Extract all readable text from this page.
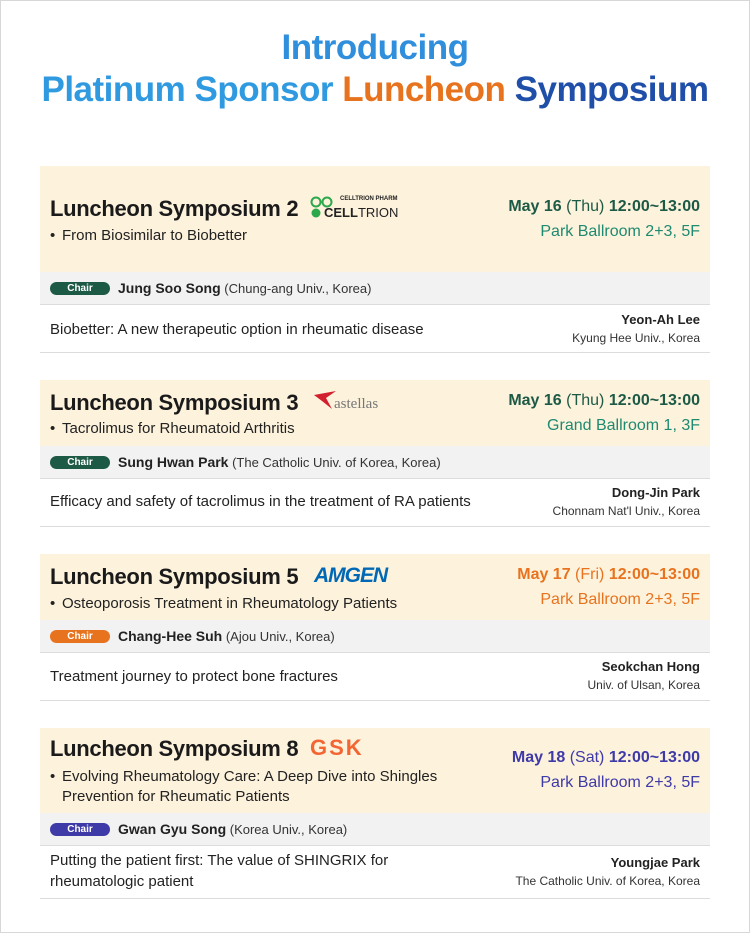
Introducing
Platinum Sponsor Luncheon Symposium
Luncheon Symposium 2	CELLTRION PHARM
CELLTRION
• From Biosimilar to Biobetter
May 16 (Thu) 12:00~13:00
Park Ballroom 2+3, 5F
Chair	Jung Soo Song (Chung-ang Univ., Korea)
Biobetter: A new therapeutic option in rheumatic disease
Yeon-Ah Lee
Kyung Hee Univ., Korea
Luncheon Symposium 3 astellas
• Tacrolimus for Rheumatoid Arthritis
May 16 (Thu) 12:00~13:00
Grand Ballroom 1, 3F
Chair	Sung Hwan Park (The Catholic Univ. of Korea, Korea)
Efficacy and safety of tacrolimus in the treatment of RA patients
Dong-Jin Park
Chonnam Nat'l Univ., Korea
Luncheon Symposium 5 AMGEN
• Osteoporosis Treatment in Rheumatology Patients
May 17 (Fri) 12:00~13:00
Park Ballroom 2+3, 5F
Chair	Chang-Hee Suh (Ajou Univ., Korea)
Treatment journey to protect bone fractures
Seokchan Hong
Univ. of Ulsan, Korea
Luncheon Symposium 8 GSK
• Evolving Rheumatology Care: A Deep Dive into Shingles
Prevention for Rheumatic Patients
May 18 (Sat) 12:00~13:00
Park Ballroom 2+3, 5F
Chair	Gwan Gyu Song (Korea Univ., Korea)
Putting the patient first: The value of SHINGRIX for
rheumatologic patient
Youngjae Park
The Catholic Univ. of Korea, Korea
